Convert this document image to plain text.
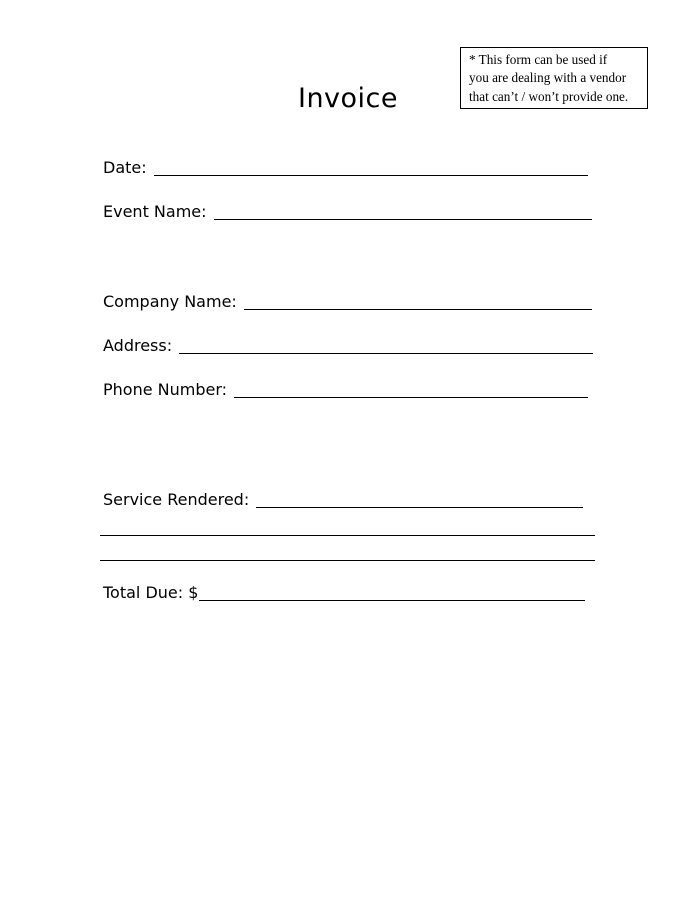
Invoice
* This form can be used if
you are dealing with a vendor
that can’t / won’t provide one.
Date:
Event Name:
Company Name:
Address:
Phone Number:
Service Rendered:
Total Due: $
